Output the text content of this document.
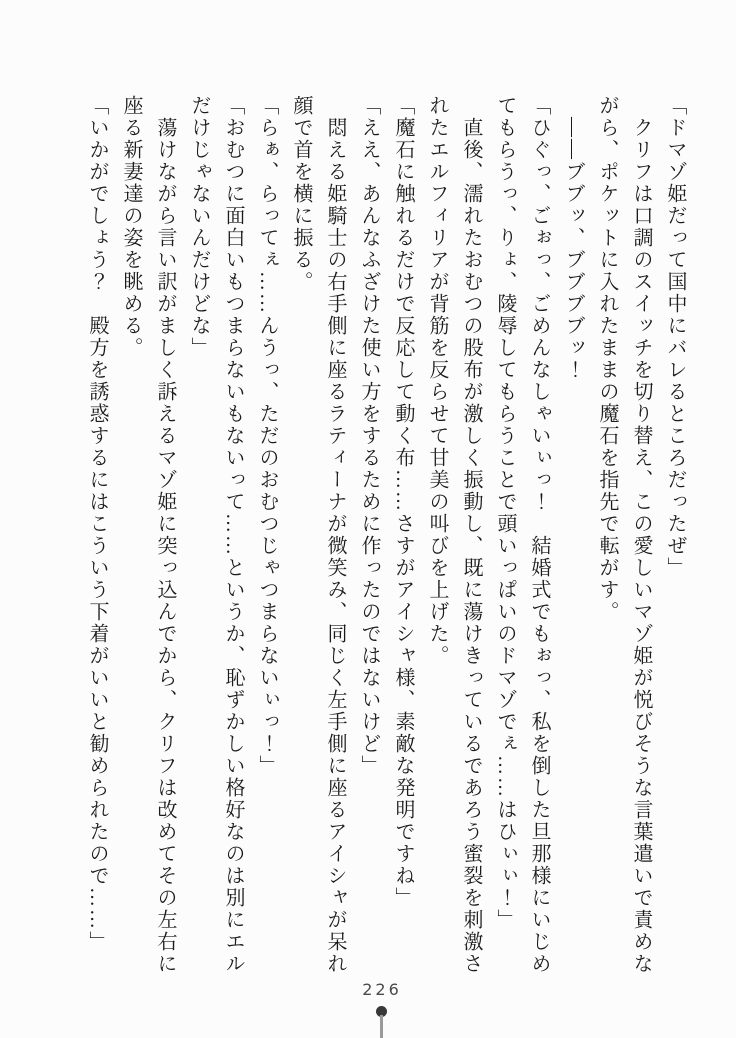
「ドマゾ姫だって国中にバレるところだったぜ」

　クリフは口調のスイッチを切り替え、この愛しいマゾ姫が悦びそうな言葉遣いで責めながら、ポケットに入れたままの魔石を指先で転がす。

　――ブブッ、ブブブブッ！

「ひぐっ、ごぉっ、ごめんなしゃいぃっ！　結婚式でもぉっ、私を倒した旦那様にいじめてもらうっ、りょ、陵辱してもらうことで頭いっぱいのドマゾでぇ……はひぃぃ！」

　直後、濡れたおむつの股布が激しく振動し、既に蕩けきっているであろう蜜裂を刺激されたエルフィリアが背筋を反らせて甘美の叫びを上げた。

「魔石に触れるだけで反応して動く布……さすがアイシャ様、素敵な発明ですね」

「ええ、あんなふざけた使い方をするために作ったのではないけど」

　悶える姫騎士の右手側に座るラティーナが微笑み、同じく左手側に座るアイシャが呆れ顔で首を横に振る。

「らぁ、らってぇ……んうっ、ただのおむつじゃつまらないぃっ！」

「おむつに面白いもつまらないもないって……というか、恥ずかしい格好なのは別にエルだけじゃないんだけどな」

　蕩けながら言い訳がましく訴えるマゾ姫に突っ込んでから、クリフは改めてその左右に座る新妻達の姿を眺める。

「いかがでしょう？　殿方を誘惑するにはこういう下着がいいと勧められたので……」

226
